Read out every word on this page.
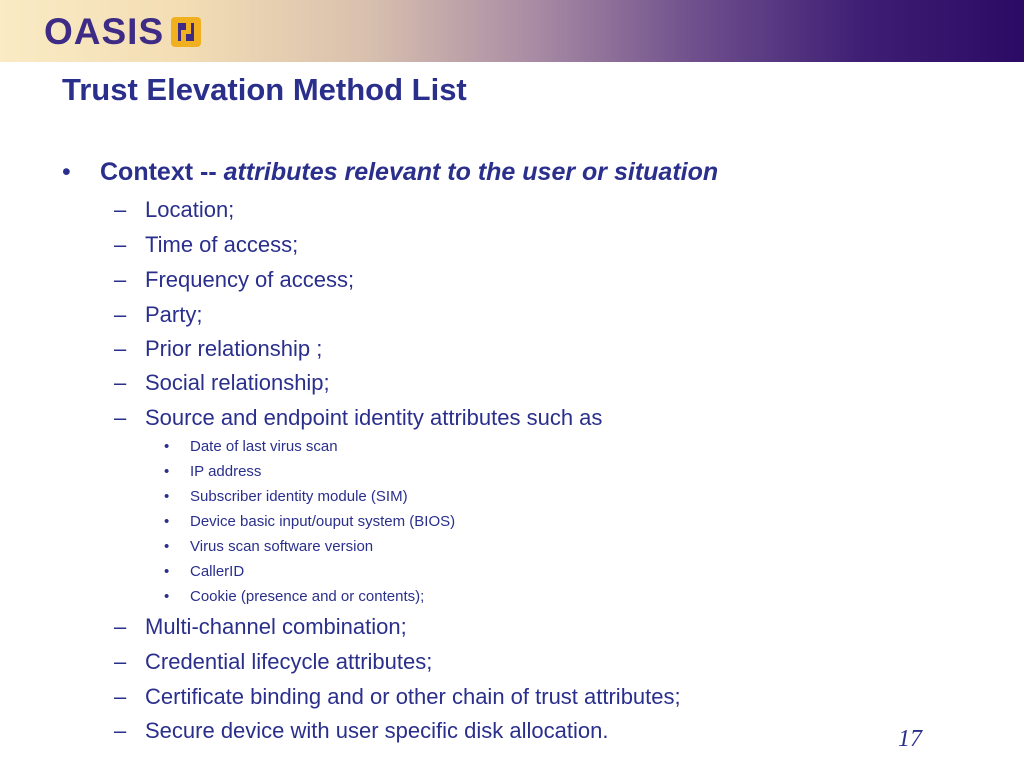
OASIS
Trust Elevation Method List
• Context -- attributes relevant to the user or situation
– Location;
– Time of access;
– Frequency of access;
– Party;
– Prior relationship ;
– Social relationship;
– Source and endpoint identity attributes such as
• Date of last virus scan
• IP address
• Subscriber identity module (SIM)
• Device basic input/ouput system (BIOS)
• Virus scan software version
• CallerID
• Cookie (presence and or contents);
– Multi-channel combination;
– Credential lifecycle attributes;
– Certificate binding and or other chain of trust attributes;
– Secure device with user specific disk allocation.	17
